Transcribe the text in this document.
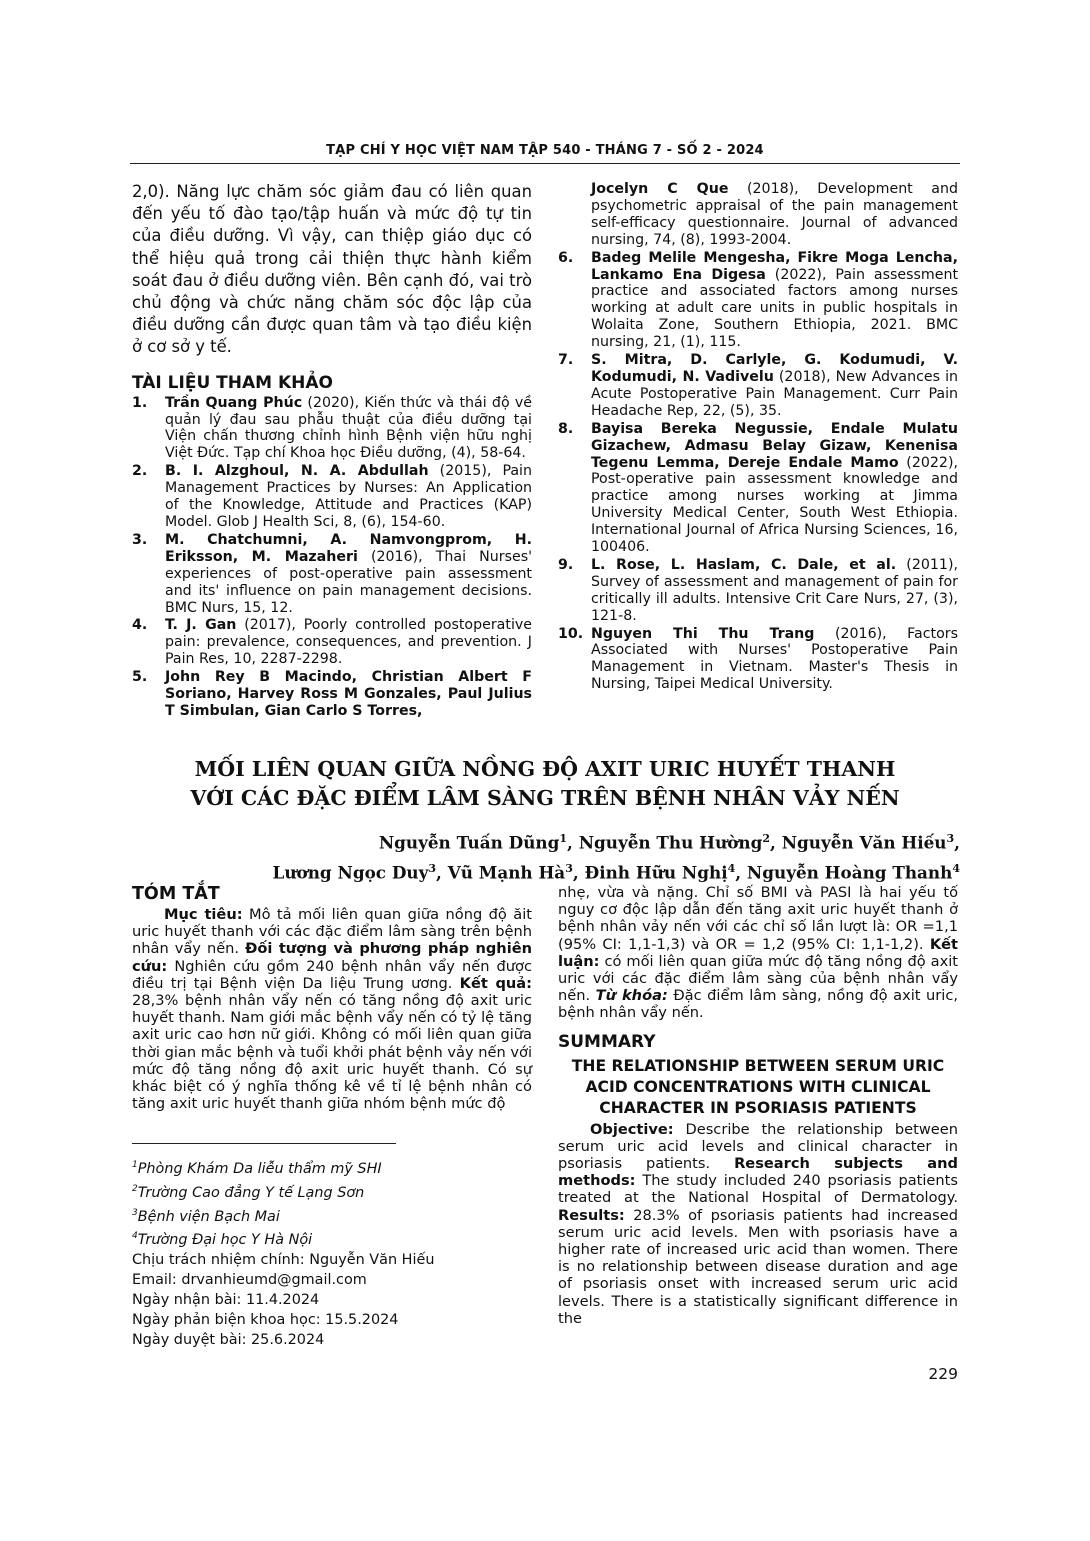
TẠP CHÍ Y HỌC VIỆT NAM TẬP 540 - THÁNG 7 - SỐ 2 - 2024

2,0). Năng lực chăm sóc giảm đau có liên quan đến yếu tố đào tạo/tập huấn và mức độ tự tin của điều dưỡng. Vì vậy, can thiệp giáo dục có thể hiệu quả trong cải thiện thực hành kiểm soát đau ở điều dưỡng viên. Bên cạnh đó, vai trò chủ động và chức năng chăm sóc độc lập của điều dưỡng cần được quan tâm và tạo điều kiện ở cơ sở y tế.

TÀI LIỆU THAM KHẢO
1. Trần Quang Phúc (2020), Kiến thức và thái độ về quản lý đau sau phẫu thuật của điều dưỡng tại Viện chấn thương chỉnh hình Bệnh viện hữu nghị Việt Đức. Tạp chí Khoa học Điều dưỡng, (4), 58-64.
2. B. I. Alzghoul, N. A. Abdullah (2015), Pain Management Practices by Nurses: An Application of the Knowledge, Attitude and Practices (KAP) Model. Glob J Health Sci, 8, (6), 154-60.
3. M. Chatchumni, A. Namvongprom, H. Eriksson, M. Mazaheri (2016), Thai Nurses' experiences of post-operative pain assessment and its' influence on pain management decisions. BMC Nurs, 15, 12.
4. T. J. Gan (2017), Poorly controlled postoperative pain: prevalence, consequences, and prevention. J Pain Res, 10, 2287-2298.
5. John Rey B Macindo, Christian Albert F Soriano, Harvey Ross M Gonzales, Paul Julius T Simbulan, Gian Carlo S Torres,
Jocelyn C Que (2018), Development and psychometric appraisal of the pain management self-efficacy questionnaire. Journal of advanced nursing, 74, (8), 1993-2004.
6. Badeg Melile Mengesha, Fikre Moga Lencha, Lankamo Ena Digesa (2022), Pain assessment practice and associated factors among nurses working at adult care units in public hospitals in Wolaita Zone, Southern Ethiopia, 2021. BMC nursing, 21, (1), 115.
7. S. Mitra, D. Carlyle, G. Kodumudi, V. Kodumudi, N. Vadivelu (2018), New Advances in Acute Postoperative Pain Management. Curr Pain Headache Rep, 22, (5), 35.
8. Bayisa Bereka Negussie, Endale Mulatu Gizachew, Admasu Belay Gizaw, Kenenisa Tegenu Lemma, Dereje Endale Mamo (2022), Post-operative pain assessment knowledge and practice among nurses working at Jimma University Medical Center, South West Ethiopia. International Journal of Africa Nursing Sciences, 16, 100406.
9. L. Rose, L. Haslam, C. Dale, et al. (2011), Survey of assessment and management of pain for critically ill adults. Intensive Crit Care Nurs, 27, (3), 121-8.
10. Nguyen Thi Thu Trang (2016), Factors Associated with Nurses' Postoperative Pain Management in Vietnam. Master's Thesis in Nursing, Taipei Medical University.
MỐI LIÊN QUAN GIỮA NỒNG ĐỘ AXIT URIC HUYẾT THANH
VỚI CÁC ĐẶC ĐIỂM LÂM SÀNG TRÊN BỆNH NHÂN VẢY NẾN
Nguyễn Tuấn Dũng$^1$, Nguyễn Thu Hường$^2$, Nguyễn Văn Hiếu$^3$,
Lương Ngọc Duy$^3$, Vũ Mạnh $Hà^3$, Đinh Hữu Nghị$^4$, Nguyễn Hoàng Thanh$^4$
TÓM TẮT

Mục tiêu: Mô tả mối liên quan giữa nồng độ ăit uric huyết thanh với các đặc điểm lâm sàng trên bệnh nhân vẩy nến. Đối tượng và phương pháp nghiên cứu: Nghiên cứu gồm 240 bệnh nhân vẩy nến được điều trị tại Bệnh viện Da liệu Trung ương. Kết quả: 28,3% bệnh nhân vẩy nến có tăng nồng độ axit uric huyết thanh. Nam giới mắc bệnh vẩy nến có tỷ lệ tăng axit uric cao hơn nữ giới. Không có mối liên quan giữa thời gian mắc bệnh và tuổi khởi phát bệnh vảy nến với mức độ tăng nồng độ axit uric huyết thanh. Có sự khác biệt có ý nghĩa thống kê về tỉ lệ bệnh nhân có tăng axit uric huyết thanh giữa nhóm bệnh mức độ

$^1$Phòng Khám Da liễu thẩm mỹ SHI

$^2$Trường Cao đẳng Y tế Lạng Sơn

$^3$Bệnh viện Bạch Mai

$^4$Trường Đại học Y Hà Nội

Chịu trách nhiệm chính: Nguyễn Văn Hiếu

Email: drvanhieumd@gmail.com

Ngày nhận bài: 11.4.2024

Ngày phản biện khoa học: 15.5.2024

Ngày duyệt bài: 25.6.2024

nhẹ, vừa và nặng. Chỉ số BMI và PASI là hai yếu tố nguy cơ độc lập dẫn đến tăng axit uric huyết thanh ở bệnh nhân vảy nến với các chỉ số lần lượt là: OR =1,1 (95% CI: 1,1-1,3) và OR = 1,2 (95% CI: 1,1-1,2). Kết luận: có mối liên quan giữa mức độ tăng nồng độ axit uric với các đặc điểm lâm sàng của bệnh nhân vẩy nến. Từ khóa: Đặc điểm lâm sàng, nồng độ axit uric, bệnh nhân vẩy nến.

SUMMARY
THE RELATIONSHIP BETWEEN SERUM URIC ACID CONCENTRATIONS WITH CLINICAL CHARACTER IN PSORIASIS PATIENTS

Objective: Describe the relationship between serum uric acid levels and clinical character in psoriasis patients. Research subjects and methods: The study included 240 psoriasis patients treated at the National Hospital of Dermatology. Results: 28.3% of psoriasis patients had increased serum uric acid levels. Men with psoriasis have a higher rate of increased uric acid than women. There is no relationship between disease duration and age of psoriasis onset with increased serum uric acid levels. There is a statistically significant difference in the

229
